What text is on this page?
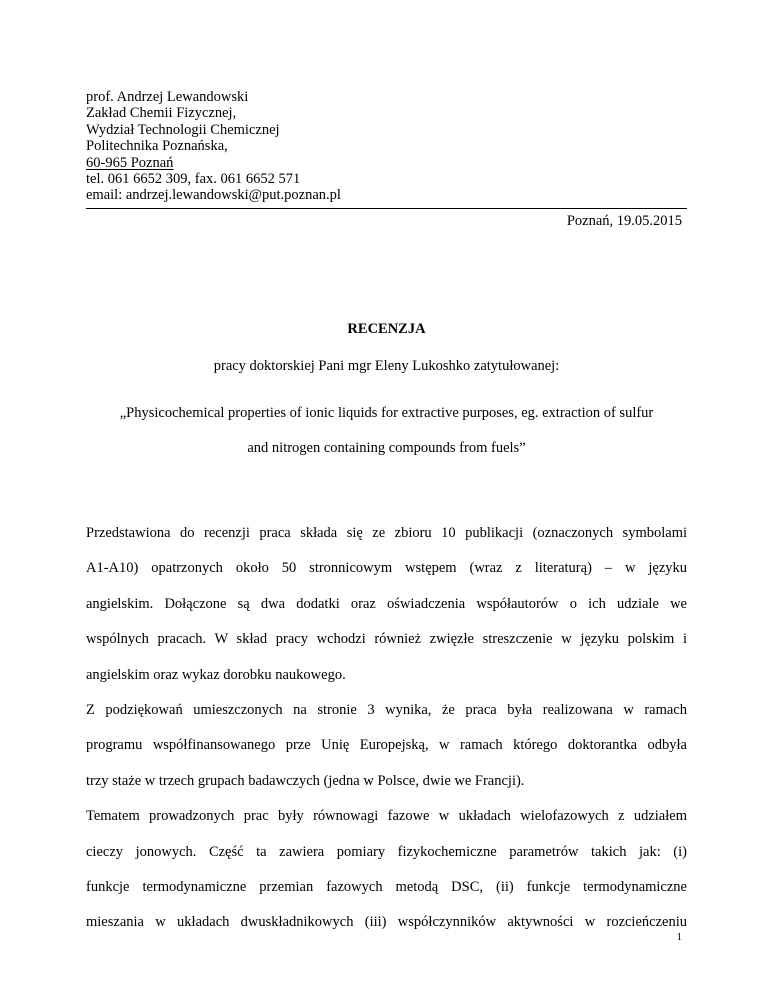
prof. Andrzej Lewandowski
Zakład Chemii Fizycznej,
Wydział Technologii Chemicznej
Politechnika Poznańska,
60-965 Poznań
tel. 061 6652 309, fax. 061 6652 571
email: andrzej.lewandowski@put.poznan.pl
Poznań, 19.05.2015
RECENZJA
pracy doktorskiej Pani mgr Eleny Lukoshko zatytułowanej:
„Physicochemical properties of ionic liquids for extractive purposes, eg. extraction of sulfur
and nitrogen containing compounds from fuels”
Przedstawiona do recenzji praca składa się ze zbioru 10 publikacji (oznaczonych symbolami
A1-A10) opatrzonych około 50 stronnicowym wstępem (wraz z literaturą) – w języku
angielskim. Dołączone są dwa dodatki oraz oświadczenia współautorów o ich udziale we
wspólnych pracach. W skład pracy wchodzi również zwięzłe streszczenie w języku polskim i
angielskim oraz wykaz dorobku naukowego.
Z podziękowań umieszczonych na stronie 3 wynika, że praca była realizowana w ramach
programu współfinansowanego prze Unię Europejską, w ramach którego doktorantka odbyła
trzy staże w trzech grupach badawczych (jedna w Polsce, dwie we Francji).
Tematem prowadzonych prac były równowagi fazowe w układach wielofazowych z udziałem
cieczy jonowych. Część ta zawiera pomiary fizykochemiczne parametrów takich jak: (i)
funkcje termodynamiczne przemian fazowych metodą DSC, (ii) funkcje termodynamiczne
mieszania w układach dwuskładnikowych (iii) współczynników aktywności w rozcieńczeniu
1
